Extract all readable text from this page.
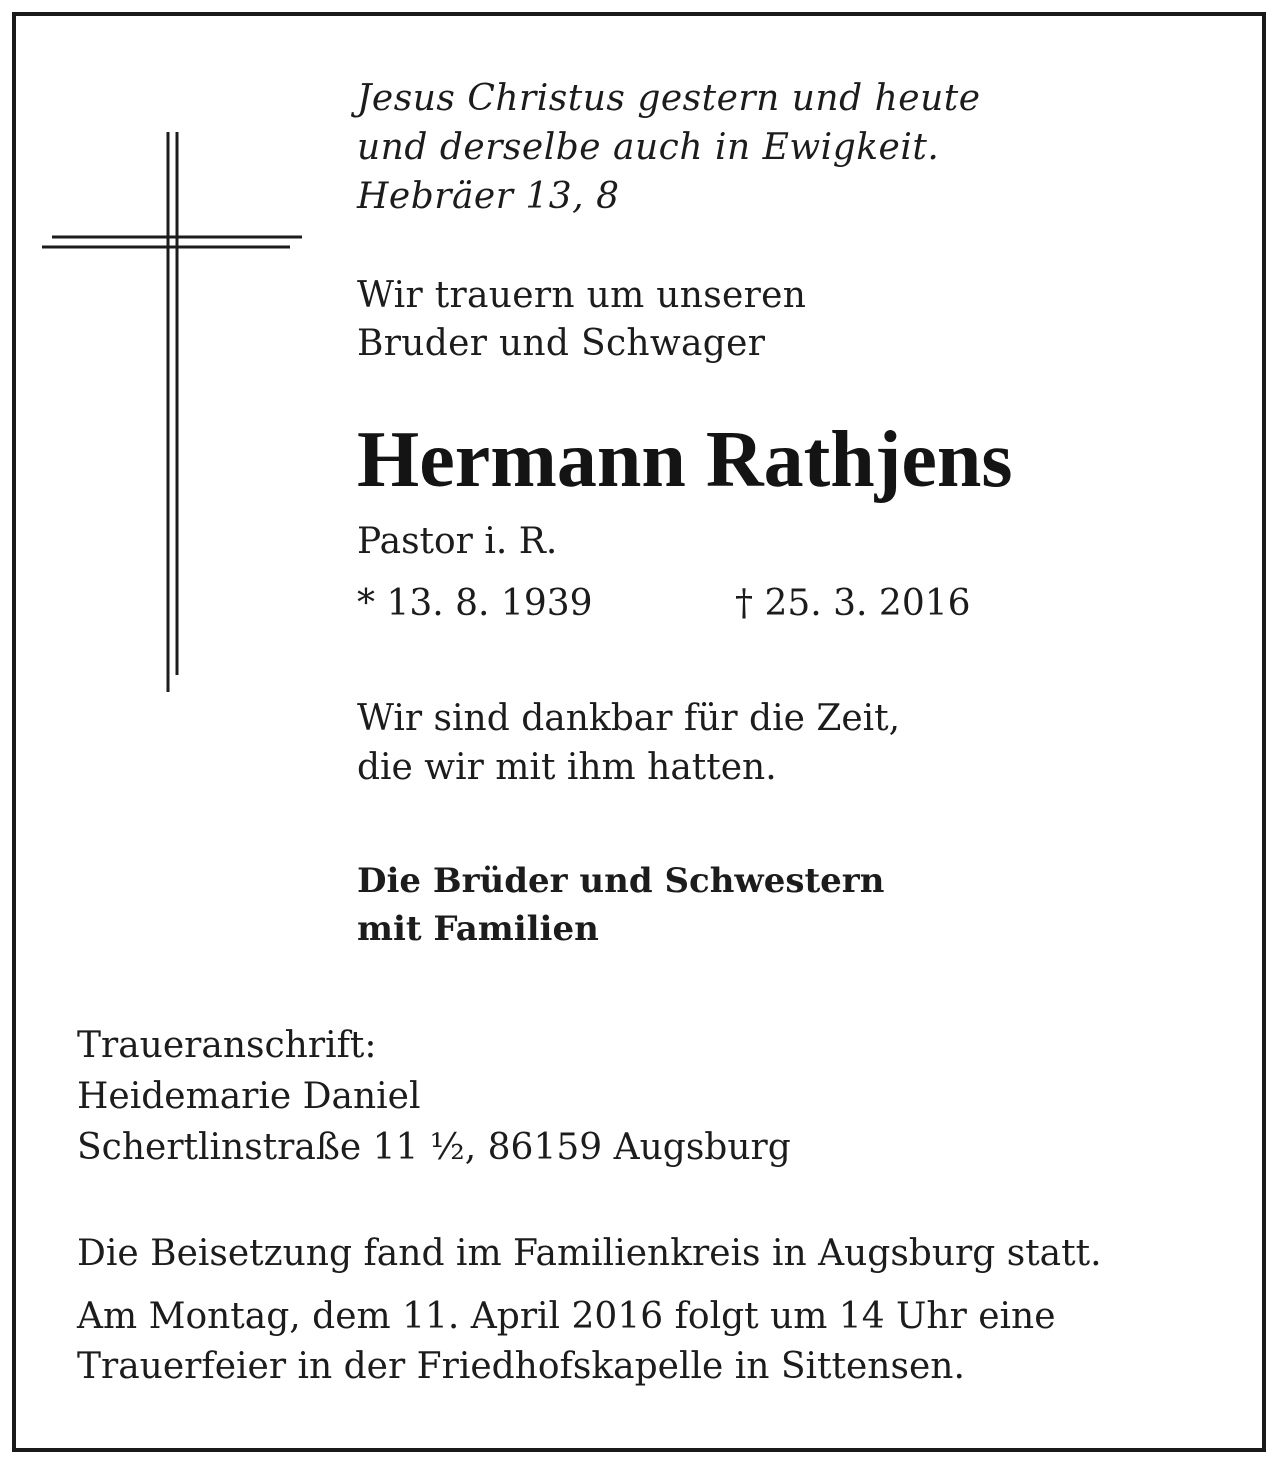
Jesus Christus gestern und heute
und derselbe auch in Ewigkeit.
Hebräer 13, 8
Wir trauern um unseren
Bruder und Schwager
Hermann Rathjens
Pastor i. R.
* 13. 8. 1939	† 25. 3. 2016
Wir sind dankbar für die Zeit,
die wir mit ihm hatten.
Die Brüder und Schwestern
mit Familien
Traueranschrift:
Heidemarie Daniel
Schertlinstraße 11 ½, 86159 Augsburg
Die Beisetzung fand im Familienkreis in Augsburg statt.
Am Montag, dem 11. April 2016 folgt um 14 Uhr eine
Trauerfeier in der Friedhofskapelle in Sittensen.
